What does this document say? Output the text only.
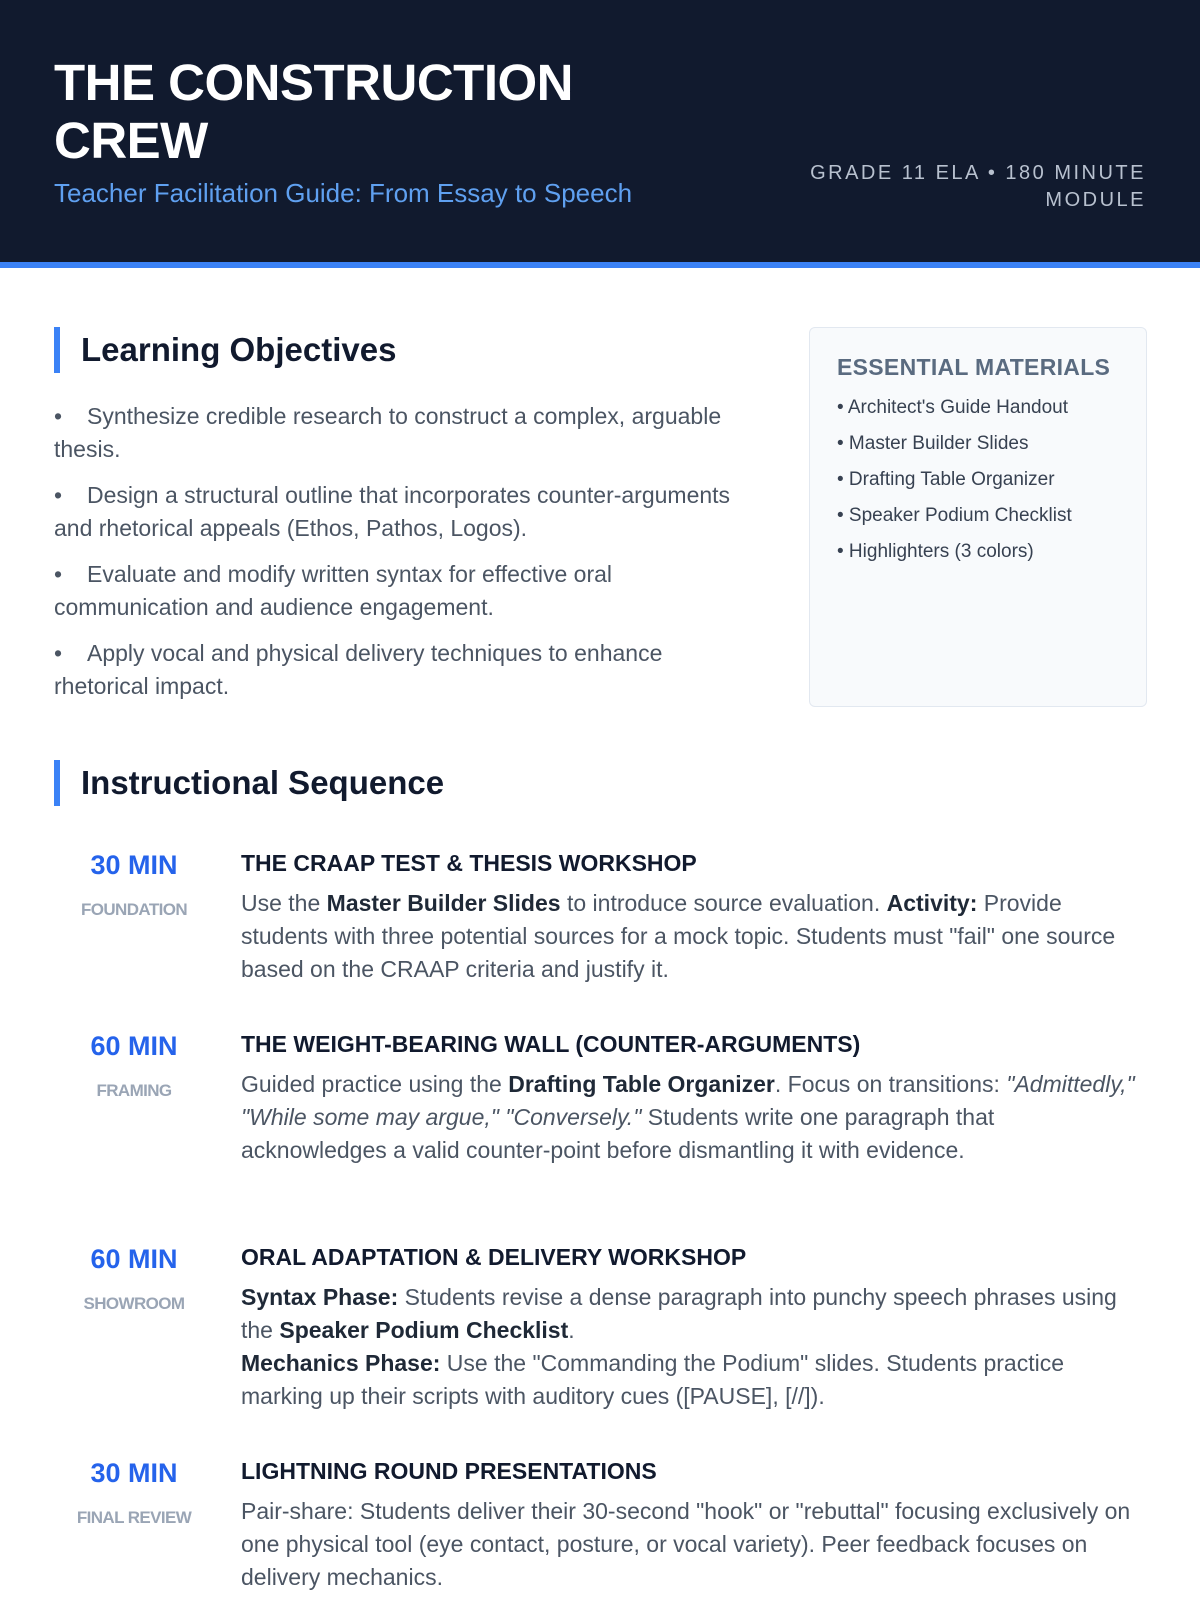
THE CONSTRUCTION CREW
Teacher Facilitation Guide: From Essay to Speech
GRADE 11 ELA • 180 MINUTE MODULE
Learning Objectives
• Synthesize credible research to construct a complex, arguable thesis.
• Design a structural outline that incorporates counter-arguments and rhetorical appeals (Ethos, Pathos, Logos).
• Evaluate and modify written syntax for effective oral communication and audience engagement.
• Apply vocal and physical delivery techniques to enhance rhetorical impact.
ESSENTIAL MATERIALS
• Architect's Guide Handout
• Master Builder Slides
• Drafting Table Organizer
• Speaker Podium Checklist
• Highlighters (3 colors)
Instructional Sequence
30 MIN
FOUNDATION
THE CRAAP TEST & THESIS WORKSHOP
Use the Master Builder Slides to introduce source evaluation. Activity: Provide students with three potential sources for a mock topic. Students must "fail" one source based on the CRAAP criteria and justify it.
60 MIN
FRAMING
THE WEIGHT-BEARING WALL (COUNTER-ARGUMENTS)
Guided practice using the Drafting Table Organizer. Focus on transitions: "Admittedly," "While some may argue," "Conversely." Students write one paragraph that acknowledges a valid counter-point before dismantling it with evidence.
60 MIN
SHOWROOM
ORAL ADAPTATION & DELIVERY WORKSHOP
Syntax Phase: Students revise a dense paragraph into punchy speech phrases using the Speaker Podium Checklist.
Mechanics Phase: Use the "Commanding the Podium" slides. Students practice marking up their scripts with auditory cues ([PAUSE], [//]).
30 MIN
FINAL REVIEW
LIGHTNING ROUND PRESENTATIONS
Pair-share: Students deliver their 30-second "hook" or "rebuttal" focusing exclusively on one physical tool (eye contact, posture, or vocal variety). Peer feedback focuses on delivery mechanics.
